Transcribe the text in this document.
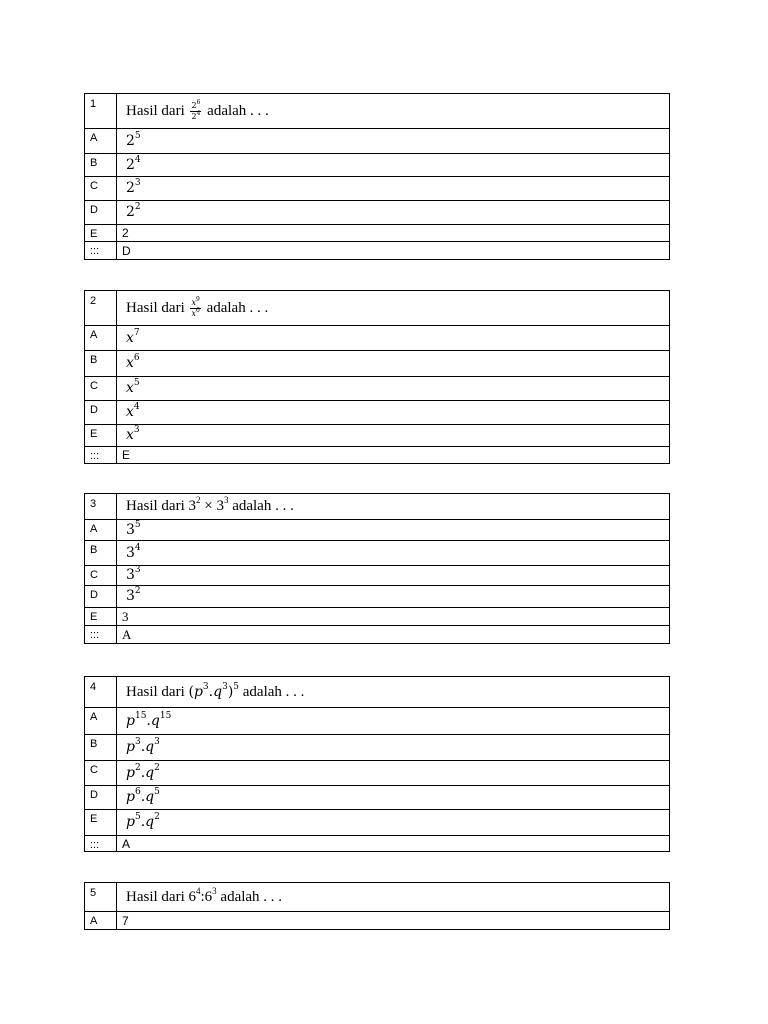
1	Hasil dari $\frac{2^6}{2^4}$ adalah . . .
A	$2^5$
B	$2^4$
C	$2^3$
D	$2^2$
E	2
:::	D
2	Hasil dari $\frac{x^9}{x^6}$ adalah . . .
A	$x^7$
B	$x^6$
C	$x^5$
D	$x^4$
E	$x^3$
:::	E
3	Hasil dari $3^2 \times 3^3$ adalah . . .
A	$3^5$
B	$3^4$
C	$3^3$
D	$3^2$
E	3
:::	A
4	Hasil dari $(p^3.q^3)^5$ adalah . . .
A	$p^{15}.q^{15}$
B	$p^3.q^3$
C	$p^2.q^2$
D	$p^6.q^5$
E	$p^5.q^2$
:::	A
5	Hasil dari $6^4:6^3$ adalah . . .
A	7
